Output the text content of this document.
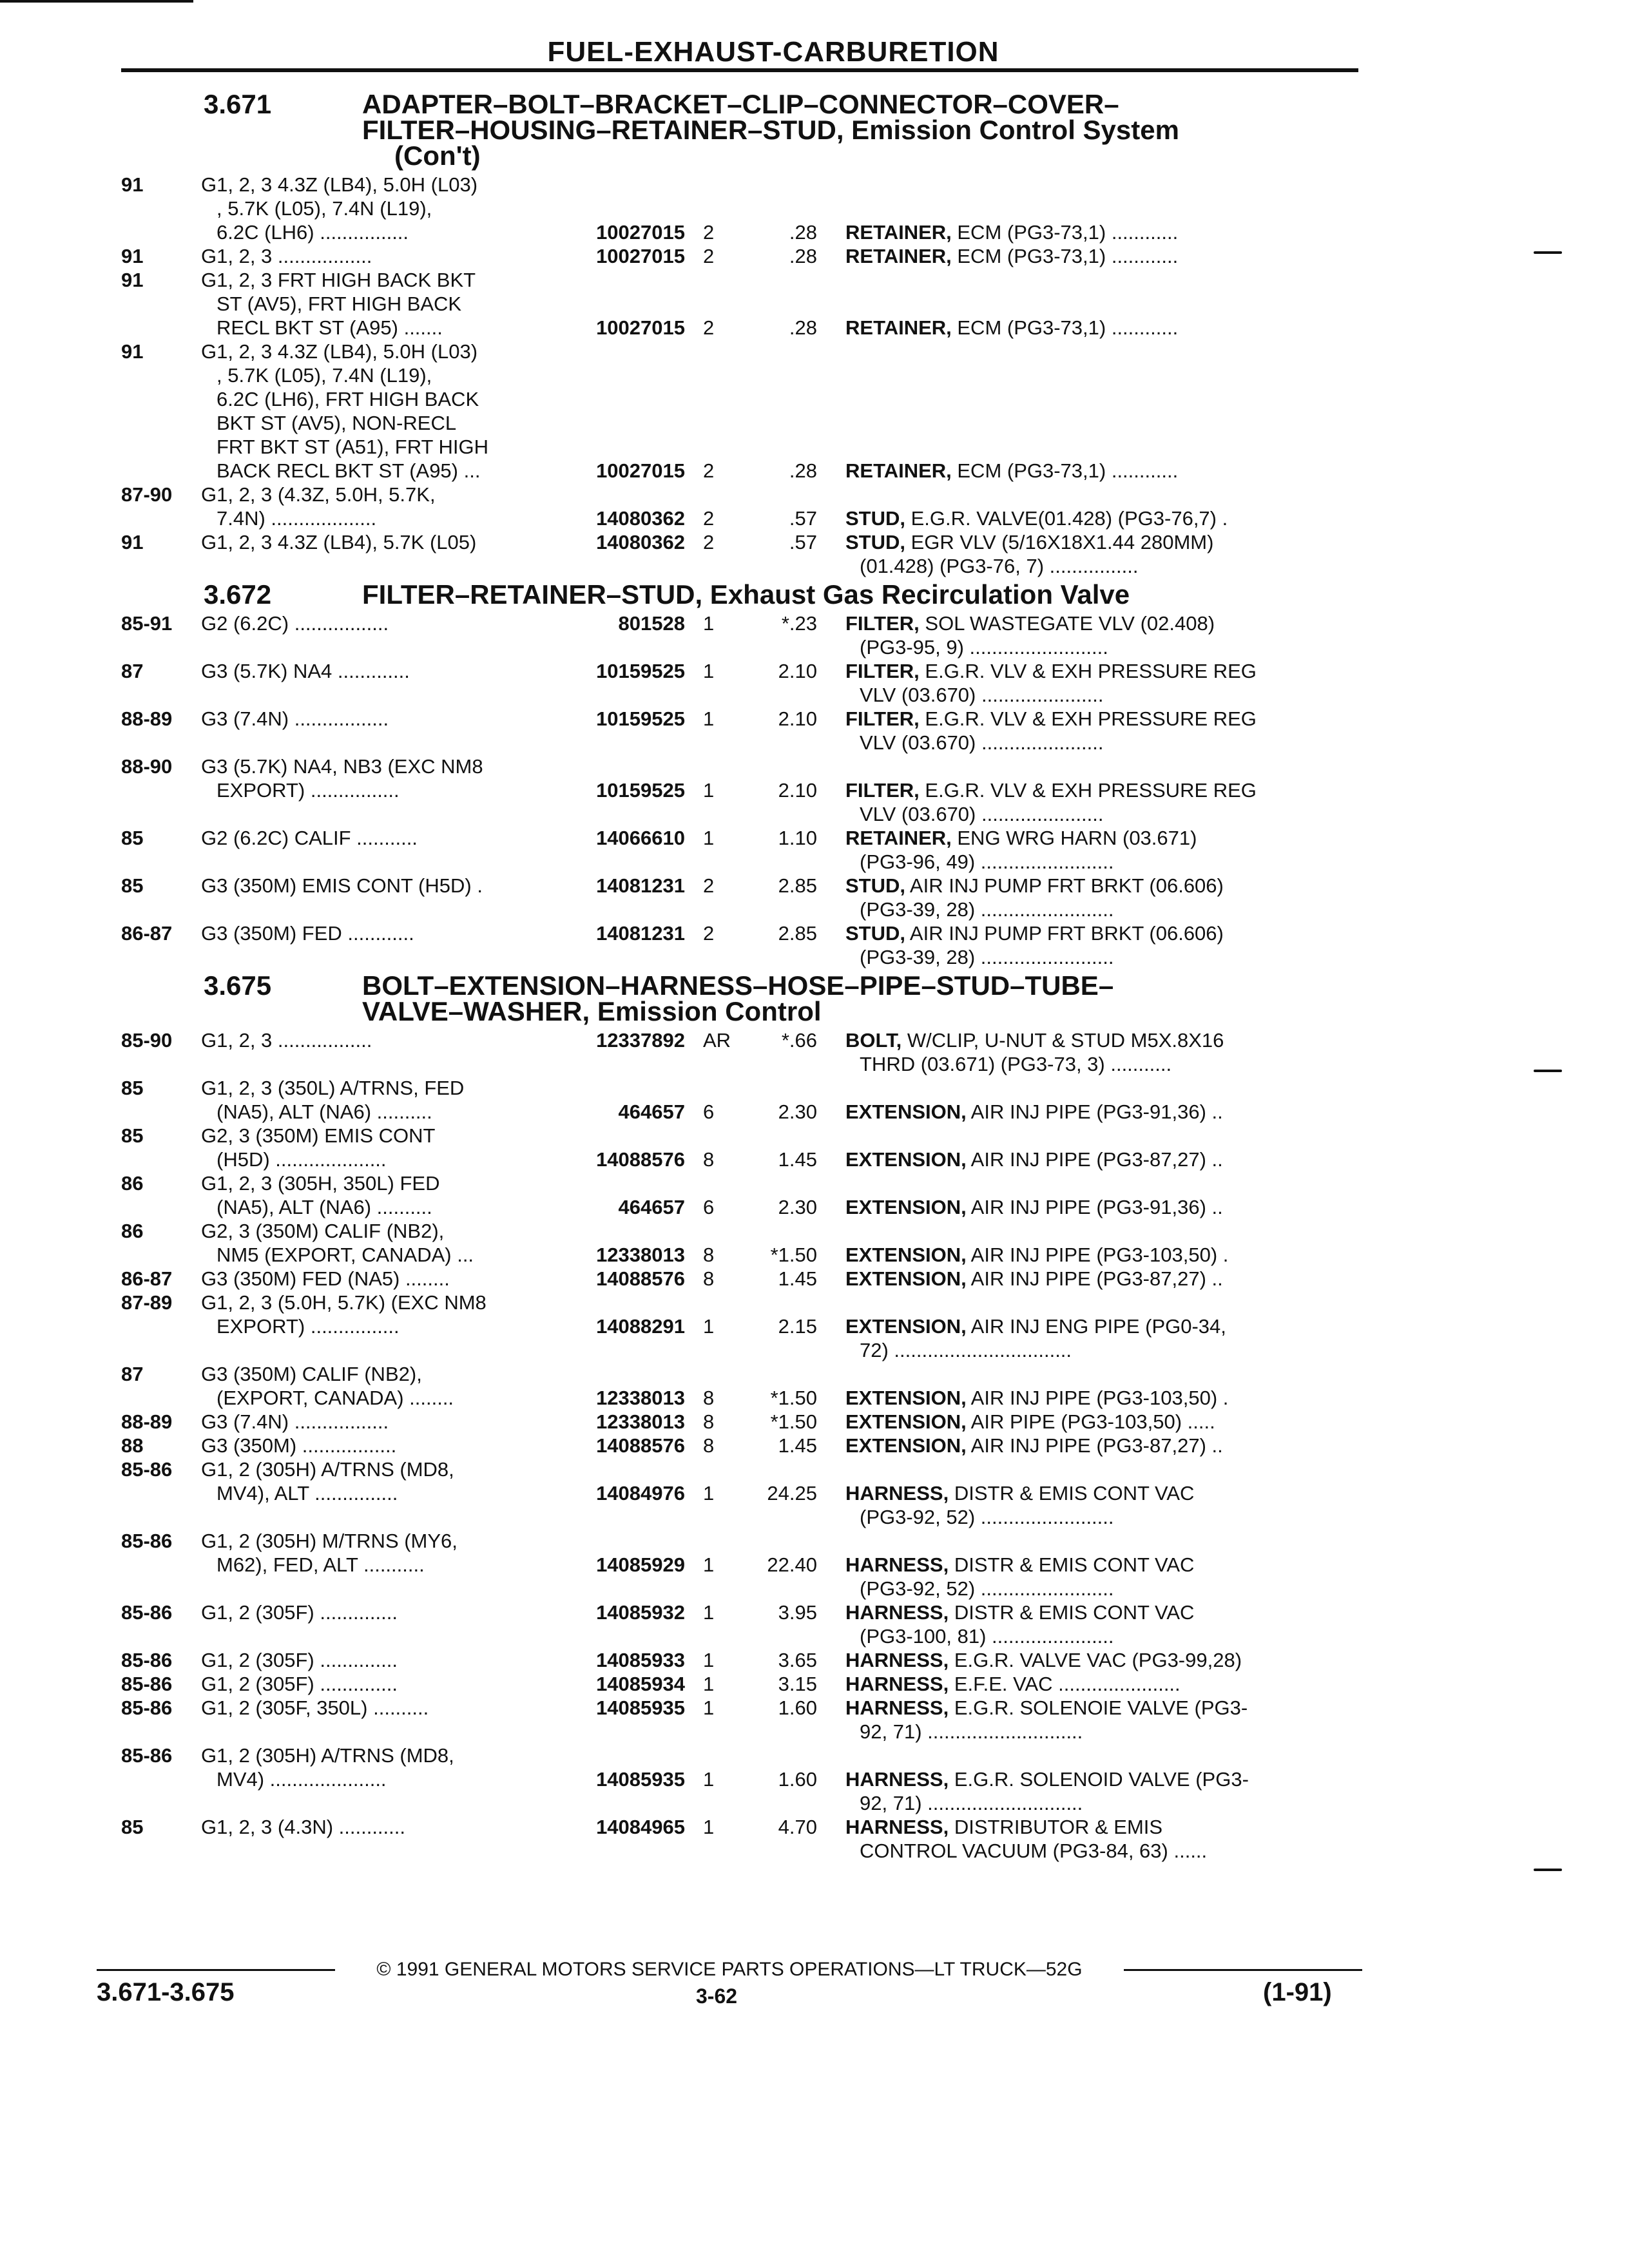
FUEL-EXHAUST-CARBURETION
3.671	ADAPTER–BOLT–BRACKET–CLIP–CONNECTOR–COVER–
FILTER–HOUSING–RETAINER–STUD, Emission Control System
(Con't)
91	G1, 2, 3 4.3Z (LB4), 5.0H (L03)
, 5.7K (L05), 7.4N (L19),
6.2C (LH6) ................	10027015 2	.28 RETAINER, ECM (PG3-73,1) ............
91	G1, 2, 3 .................	10027015 2	.28 RETAINER, ECM (PG3-73,1) ............
91	G1, 2, 3 FRT HIGH BACK BKT
ST (AV5), FRT HIGH BACK
RECL BKT ST (A95) .......	10027015 2	.28 RETAINER, ECM (PG3-73,1) ............
91	G1, 2, 3 4.3Z (LB4), 5.0H (L03)
, 5.7K (L05), 7.4N (L19),
6.2C (LH6), FRT HIGH BACK
BKT ST (AV5), NON-RECL
FRT BKT ST (A51), FRT HIGH
BACK RECL BKT ST (A95) ...	10027015 2	.28 RETAINER, ECM (PG3-73,1) ............
87-90	G1, 2, 3 (4.3Z, 5.0H, 5.7K,
7.4N) ...................	14080362 2	.57 STUD, E.G.R. VALVE(01.428) (PG3-76,7) .
91	G1, 2, 3 4.3Z (LB4), 5.7K (L05)	14080362 2	.57 STUD, EGR VLV (5/16X18X1.44 280MM)
(01.428) (PG3-76, 7) ................
3.672	FILTER–RETAINER–STUD, Exhaust Gas Recirculation Valve
85-91	G2 (6.2C) .................	801528 1	*.23 FILTER, SOL WASTEGATE VLV (02.408)
(PG3-95, 9) .........................
87	G3 (5.7K) NA4 .............	10159525 1	2.10 FILTER, E.G.R. VLV & EXH PRESSURE REG
VLV (03.670) ......................
88-89	G3 (7.4N) .................	10159525 1	2.10 FILTER, E.G.R. VLV & EXH PRESSURE REG
VLV (03.670) ......................
88-90	G3 (5.7K) NA4, NB3 (EXC NM8
EXPORT) ................	10159525 1	2.10 FILTER, E.G.R. VLV & EXH PRESSURE REG
VLV (03.670) ......................
85	G2 (6.2C) CALIF ...........	14066610 1	1.10 RETAINER, ENG WRG HARN (03.671)
(PG3-96, 49) ........................
85	G3 (350M) EMIS CONT (H5D) .	14081231 2	2.85 STUD, AIR INJ PUMP FRT BRKT (06.606)
(PG3-39, 28) ........................
86-87	G3 (350M) FED ............	14081231 2	2.85 STUD, AIR INJ PUMP FRT BRKT (06.606)
(PG3-39, 28) ........................
3.675	BOLT–EXTENSION–HARNESS–HOSE–PIPE–STUD–TUBE–
VALVE–WASHER, Emission Control
85-90	G1, 2, 3 .................	12337892 AR	*.66 BOLT, W/CLIP, U-NUT & STUD M5X.8X16
THRD (03.671) (PG3-73, 3) ...........
85	G1, 2, 3 (350L) A/TRNS, FED
(NA5), ALT (NA6) ..........	464657 6	2.30 EXTENSION, AIR INJ PIPE (PG3-91,36) ..
85	G2, 3 (350M) EMIS CONT
(H5D) ....................	14088576 8	1.45 EXTENSION, AIR INJ PIPE (PG3-87,27) ..
86	G1, 2, 3 (305H, 350L) FED
(NA5), ALT (NA6) ..........	464657 6	2.30 EXTENSION, AIR INJ PIPE (PG3-91,36) ..
86	G2, 3 (350M) CALIF (NB2),
NM5 (EXPORT, CANADA) ...	12338013 8	*1.50 EXTENSION, AIR INJ PIPE (PG3-103,50) .
86-87	G3 (350M) FED (NA5) ........	14088576 8	1.45 EXTENSION, AIR INJ PIPE (PG3-87,27) ..
87-89	G1, 2, 3 (5.0H, 5.7K) (EXC NM8
EXPORT) ................	14088291 1	2.15 EXTENSION, AIR INJ ENG PIPE (PG0-34,
72) ................................
87	G3 (350M) CALIF (NB2),
(EXPORT, CANADA) ........	12338013 8	*1.50 EXTENSION, AIR INJ PIPE (PG3-103,50) .
88-89	G3 (7.4N) .................	12338013 8	*1.50 EXTENSION, AIR PIPE (PG3-103,50) .....
88	G3 (350M) .................	14088576 8	1.45 EXTENSION, AIR INJ PIPE (PG3-87,27) ..
85-86	G1, 2 (305H) A/TRNS (MD8,
MV4), ALT ...............	14084976 1	24.25 HARNESS, DISTR & EMIS CONT VAC
(PG3-92, 52) ........................
85-86	G1, 2 (305H) M/TRNS (MY6,
M62), FED, ALT ...........	14085929 1	22.40 HARNESS, DISTR & EMIS CONT VAC
(PG3-92, 52) ........................
85-86	G1, 2 (305F) ..............	14085932 1	3.95 HARNESS, DISTR & EMIS CONT VAC
(PG3-100, 81) ......................
85-86	G1, 2 (305F) ..............	14085933 1	3.65 HARNESS, E.G.R. VALVE VAC (PG3-99,28)
85-86	G1, 2 (305F) ..............	14085934 1	3.15 HARNESS, E.F.E. VAC ......................
85-86	G1, 2 (305F, 350L) ..........	14085935 1	1.60 HARNESS, E.G.R. SOLENOIE VALVE (PG3-
92, 71) ............................
85-86	G1, 2 (305H) A/TRNS (MD8,
MV4) .....................	14085935 1	1.60 HARNESS, E.G.R. SOLENOID VALVE (PG3-
92, 71) ............................
85	G1, 2, 3 (4.3N) ............	14084965 1	4.70 HARNESS, DISTRIBUTOR & EMIS
CONTROL VACUUM (PG3-84, 63) ......
© 1991 GENERAL MOTORS SERVICE PARTS OPERATIONS—LT TRUCK—52G
3.671-3.675	3-62	(1-91)
